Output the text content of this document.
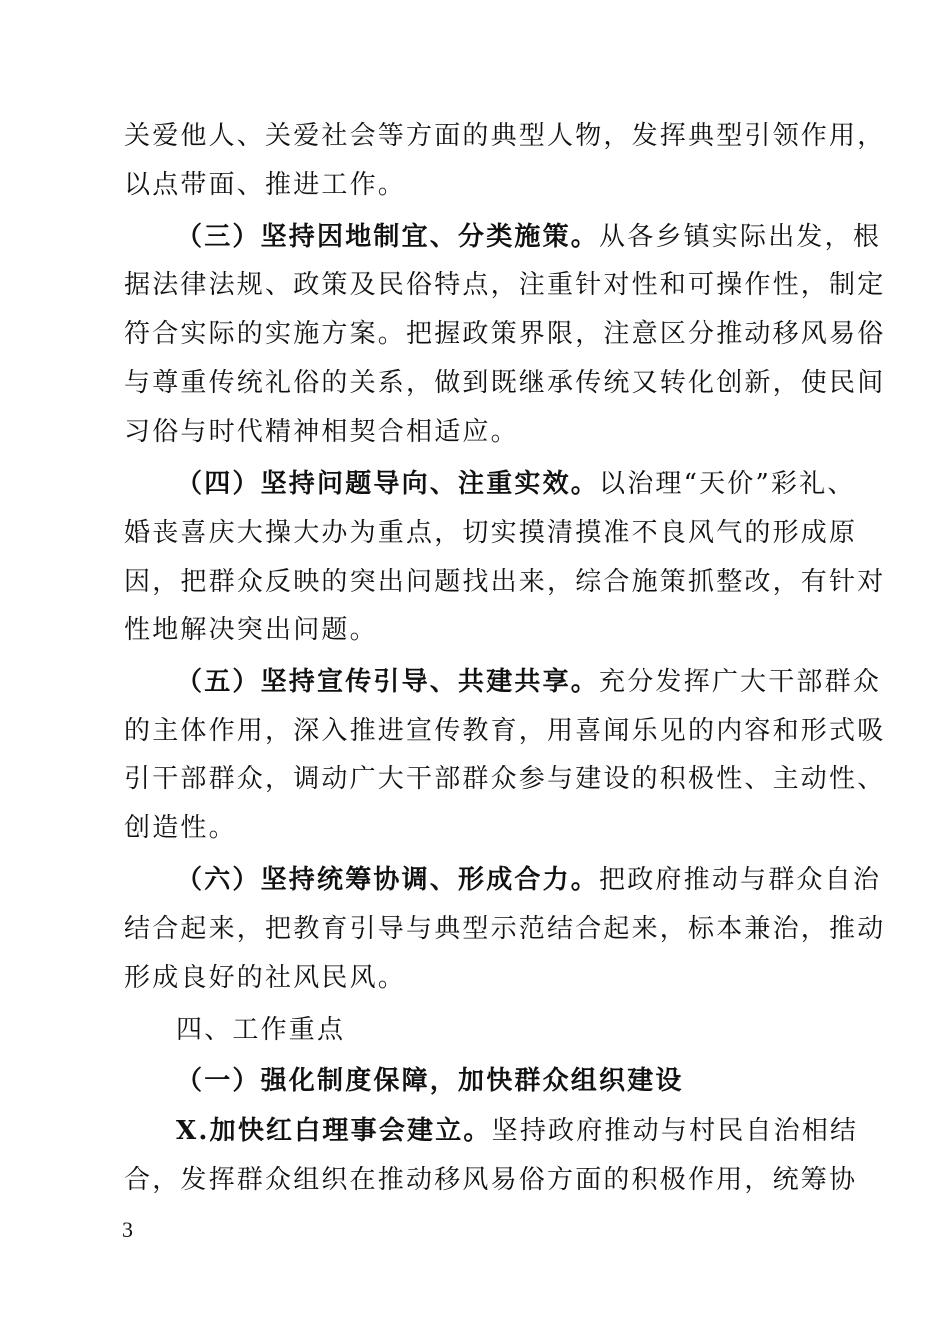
关爱他人、关爱社会等方面的典型人物，发挥典型引领作用，
以点带面、推进工作。
（三）坚持因地制宜、分类施策。从各乡镇实际出发，根
据法律法规、政策及民俗特点，注重针对性和可操作性，制定
符合实际的实施方案。把握政策界限，注意区分推动移风易俗
与尊重传统礼俗的关系，做到既继承传统又转化创新，使民间
习俗与时代精神相契合相适应。
（四）坚持问题导向、注重实效。以治理“天价”彩礼、
婚丧喜庆大操大办为重点，切实摸清摸准不良风气的形成原
因，把群众反映的突出问题找出来，综合施策抓整改，有针对
性地解决突出问题。
（五）坚持宣传引导、共建共享。充分发挥广大干部群众
的主体作用，深入推进宣传教育，用喜闻乐见的内容和形式吸
引干部群众，调动广大干部群众参与建设的积极性、主动性、
创造性。
（六）坚持统筹协调、形成合力。把政府推动与群众自治
结合起来，把教育引导与典型示范结合起来，标本兼治，推动
形成良好的社风民风。
四、工作重点
（一）强化制度保障，加快群众组织建设
X.加快红白理事会建立。坚持政府推动与村民自治相结
合，发挥群众组织在推动移风易俗方面的积极作用，统筹协
3
